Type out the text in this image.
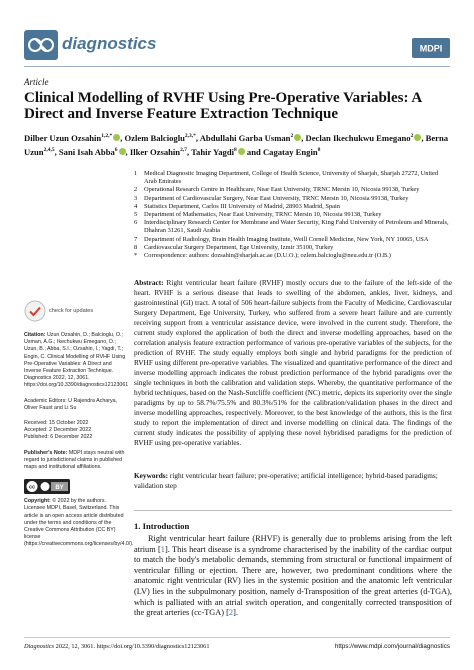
diagnostics	MDPI
Article
Clinical Modelling of RVHF Using Pre-Operative Variables: A Direct and Inverse Feature Extraction Technique
Dilber Uzun Ozsahin$^{1,2,*}$ , Ozlem Balcioglu$^{2,3,*}$, Abdullahi Garba Usman$^2$ , Declan Ikechukwu Emegano$^2$ , Berna Uzun$^{2,4,5}$, Sani Isah Abba$^6$ , Ilker Ozsahin$^{2,7}$, Tahir Yagdi$^8$ and Cagatay Engin$^8$
1	Medical Diagnostic Imaging Department, College of Health Science, University of Sharjah, Sharjah 27272, United Arab Emirates
2	Operational Research Centre in Healthcare, Near East University, TRNC Mersin 10, Nicosia 99138, Turkey
3	Department of Cardiovascular Surgery, Near East University, TRNC Mersin 10, Nicosia 99138, Turkey
4	Statistics Department, Carlos III University of Madrid, 28903 Madrid, Spain
5	Department of Mathematics, Near East University, TRNC Mersin 10, Nicosia 99138, Turkey
6	Interdisciplinary Research Center for Membrane and Water Security, King Fahd University of Petroleum and Minerals, Dhahran 31261, Saudi Arabia
7	Department of Radiology, Brain Health Imaging Institute, Weill Cornell Medicine, New York, NY 10065, USA
8	Cardiovascular Surgery Department, Ege University, Izmir 35100, Turkey
*	Correspondence: authors: dozsahin@sharjah.ac.ae (D.U.O.); ozlem.balcioglu@neu.edu.tr (O.B.)
check for updates
Citation: Uzun Ozsahin, D.; Balcioglu, O.; Usman, A.G.; Ikechukwu Emegano, D.; Uzun, B.; Abba, S.I.; Ozsahin, I.; Yagdi, T.; Engin, C. Clinical Modelling of RVHF Using Pre-Operative Variables: A Direct and Inverse Feature Extraction Technique. Diagnostics 2022, 12, 3061. https://doi.org/10.3390/diagnostics12123061
Academic Editors: U Rajendra Acharya, Oliver Faust and Li Su
Received: 15 October 2022
Accepted: 2 December 2022
Published: 6 December 2022
Publisher's Note: MDPI stays neutral with regard to jurisdictional claims in published maps and institutional affiliations.
cc	BY
Copyright: © 2022 by the authors. Licensee MDPI, Basel, Switzerland. This article is an open access article distributed under the terms and conditions of the Creative Commons Attribution (CC BY) license (https://creativecommons.org/licenses/by/4.0/).
Abstract: Right ventricular heart failure (RVHF) mostly occurs due to the failure of the left-side of the heart. RVHF is a serious disease that leads to swelling of the abdomen, ankles, liver, kidneys, and gastrointestinal (GI) tract. A total of 506 heart-failure subjects from the Faculty of Medicine, Cardiovascular Surgery Department, Ege University, Turkey, who suffered from a severe heart failure and are currently receiving support from a ventricular assistance device, were involved in the current study. Therefore, the current study explored the application of both the direct and inverse modelling approaches, based on the correlation analysis feature extraction performance of various pre-operative variables of the subjects, for the prediction of RVHF. The study equally employs both single and hybrid paradigms for the prediction of RVHF using different pre-operative variables. The visualized and quantitative performance of the direct and inverse modelling approach indicates the robust prediction performance of the hybrid paradigms over the single techniques in both the calibration and validation steps. Whereby, the quantitative performance of the hybrid techniques, based on the Nash-Sutcliffe coefficient (NC) metric, depicts its superiority over the single paradigms by up to 58.7%/75.5% and 80.3%/51% for the calibration/validation phases in the direct and inverse modelling approaches, respectively. Moreover, to the best knowledge of the authors, this is the first study to report the implementation of direct and inverse modelling on clinical data. The findings of the current study indicates the possibility of applying these novel hybridised paradigms for the prediction of RVHF using pre-operative variables.
Keywords: right ventricular heart failure; pre-operative; artificial intelligence; hybrid-based paradigms; validation step
1. Introduction

Right ventricular heart failure (RHVF) is generally due to problems arising from the left atrium [1]. This heart disease is a syndrome characterised by the inability of the cardiac output to match the body's metabolic demands, stemming from structural or functional impairment of ventricular filling or ejection. There are, however, two predominant conditions where the anatomic right ventricular (RV) lies in the systemic position and the anatomic left ventricular (LV) lies in the subpulmonary position, namely d-Transposition of the great arteries (d-TGA), which is palliated with an atrial switch operation, and congenitally corrected transposition of the great arteries (cc-TGA) [2].

Diagnostics 2022, 12, 3061. https://doi.org/10.3390/diagnostics12123061	https://www.mdpi.com/journal/diagnostics
